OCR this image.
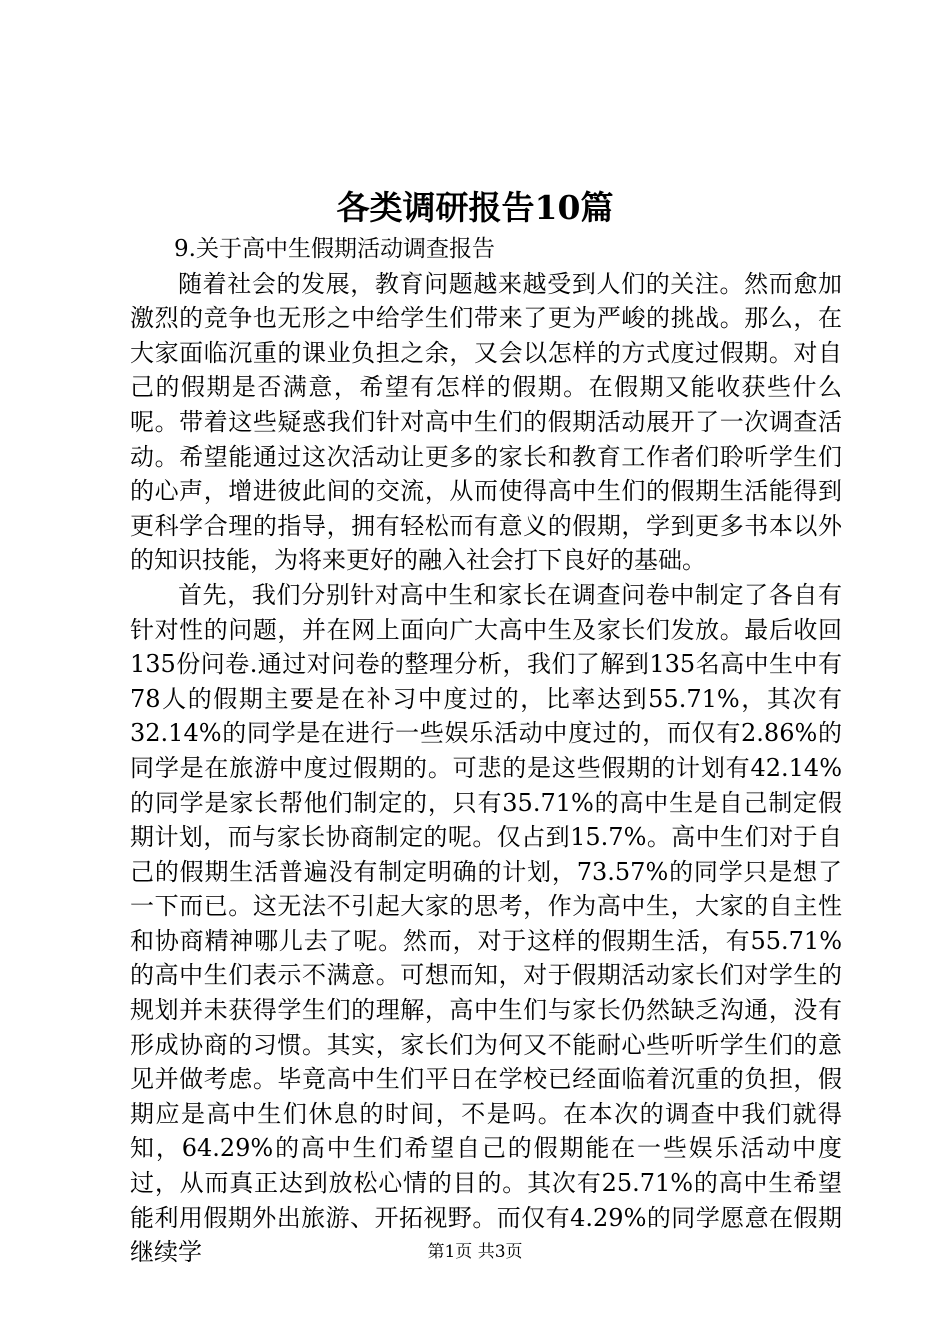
各类调研报告10篇

9.关于高中生假期活动调查报告

随着社会的发展，教育问题越来越受到人们的关注。然而愈加激烈的竞争也无形之中给学生们带来了更为严峻的挑战。那么，在大家面临沉重的课业负担之余，又会以怎样的方式度过假期。对自己的假期是否满意，希望有怎样的假期。在假期又能收获些什么呢。带着这些疑惑我们针对高中生们的假期活动展开了一次调查活动。希望能通过这次活动让更多的家长和教育工作者们聆听学生们的心声，增进彼此间的交流，从而使得高中生们的假期生活能得到更科学合理的指导，拥有轻松而有意义的假期，学到更多书本以外的知识技能，为将来更好的融入社会打下良好的基础。

首先，我们分别针对高中生和家长在调查问卷中制定了各自有针对性的问题，并在网上面向广大高中生及家长们发放。最后收回135份问卷.通过对问卷的整理分析，我们了解到135名高中生中有78人的假期主要是在补习中度过的，比率达到55.71%，其次有32.14%的同学是在进行一些娱乐活动中度过的，而仅有2.86%的同学是在旅游中度过假期的。可悲的是这些假期的计划有42.14%的同学是家长帮他们制定的，只有35.71%的高中生是自己制定假期计划，而与家长协商制定的呢。仅占到15.7%。高中生们对于自己的假期生活普遍没有制定明确的计划，73.57%的同学只是想了一下而已。这无法不引起大家的思考，作为高中生，大家的自主性和协商精神哪儿去了呢。然而，对于这样的假期生活，有55.71%的高中生们表示不满意。可想而知，对于假期活动家长们对学生的规划并未获得学生们的理解，高中生们与家长仍然缺乏沟通，没有形成协商的习惯。其实，家长们为何又不能耐心些听听学生们的意见并做考虑。毕竟高中生们平日在学校已经面临着沉重的负担，假期应是高中生们休息的时间，不是吗。在本次的调查中我们就得知，64.29%的高中生们希望自己的假期能在一些娱乐活动中度过，从而真正达到放松心情的目的。其次有25.71%的高中生希望能利用假期外出旅游、开拓视野。而仅有4.29%的同学愿意在假期继续学	第1页 共3页
